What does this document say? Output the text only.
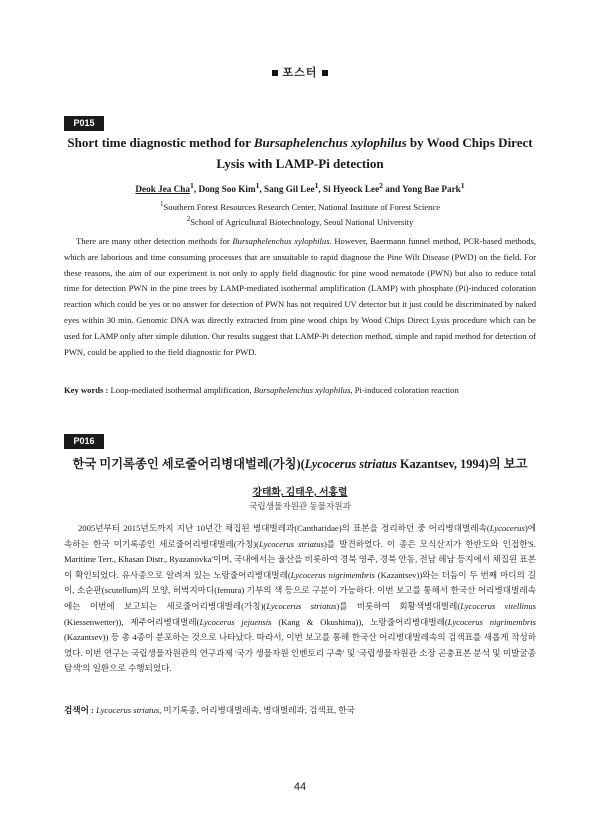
포스터
P015
Short time diagnostic method for Bursaphelenchus xylophilus by Wood Chips Direct Lysis with LAMP-Pi detection
Deok Jea Cha$^1$, Dong Soo Kim$^1$, Sang Gil Lee$^1$, Si Hyeock Lee$^2$ and Yong Bae Park$^1$
$^1$Southern Forest Resources Research Center, National Institute of Forest Science
$^2$School of Agricultural Biotechnology, Seoul National University
There are many other detection methods for Bursaphelenchus xylophilus. However, Baermann funnel method, PCR-based methods, which are laborious and time consuming processes that are unsuitable to rapid diagnose the Pine Wilt Disease (PWD) on the field. For these reasons, the aim of our experiment is not only to apply field diagnostic for pine wood nematode (PWN) but also to reduce total time for detection PWN in the pine trees by LAMP-mediated isothermal amplification (LAMP) with phosphate (Pi)-induced coloration reaction which could be yes or no answer for detection of PWN has not required UV detector but it just could be discriminated by naked eyes within 30 min. Genomic DNA was directly extracted from pine wood chips by Wood Chips Direct Lysis procedure which can be used for LAMP only after simple dilution. Our results suggest that LAMP-Pi detection method, simple and rapid method for detection of PWN, could be applied to the field diagnostic for PWD.
Key words : Loop-mediated isothermal amplification, Bursaphelenchus xylophilus, Pi-induced coloration reaction
P016
한국 미기록종인 세로줄어리병대벌레(가칭)(Lycocerus striatus Kazantsev, 1994)의 보고
강태화, 김태우, 서홍렬
국립생물자원관 동물자원과
2005년부터 2015년도까지 지난 10년간 채집된 병대벌레과(Cantharidae)의 표본을 정리하던 중 어리병대벌레속(Lycocerus)에 속하는 한국 미기록종인 세로줄어리병대벌레(가칭)(Lycocerus striatus)를 발견하였다. 이 종은 모식산지가 한반도와 인접한'S. Maritime Terr., Khasan Distr., Ryazanovka'이며, 국내에서는 울산을 비롯하여 경북 영주, 경북 안동, 전남 해남 등지에서 채집된 표본이 확인되었다. 유사종으로 알려져 있는 노랑줄어리병대벌레(Lycocerus nigrimembris (Kazantsev))와는 더듬이 두 번째 마디의 길이, 소순판(scutellum)의 모양, 허벅지마디(femura) 기부의 색 등으로 구분이 가능하다. 이번 보고를 통해서 한국산 어리병대벌레속에는 이번에 보고되는 세로줄어리병대벌레(가칭)(Lycocerus striatus)를 비롯하여 회황색병대벌레(Lycocerus vitellinus (Kiessenwetter)), 제주어리병대벌레(Lycocerus jejuensis (Kang & Okushima)), 노랑줄어리병대벌레(Lycocerus nigrimembris (Kazantsev)) 등 총 4종이 분포하는 것으로 나타났다. 따라서, 이번 보고를 통해 한국산 어리병대벌레속의 검색표를 새롭게 작성하였다. 이번 연구는 국립생물자원관의 연구과제 '국가 생물자원 인벤토리 구축' 및 '국립생물자원관 소장 곤충표본 분석 및 미발굴종 탐색'의 일환으로 수행되었다.
검색어 : Lycocerus striatus, 미기록종, 어리병대벌레속, 병대벌레과, 검색표, 한국
44
